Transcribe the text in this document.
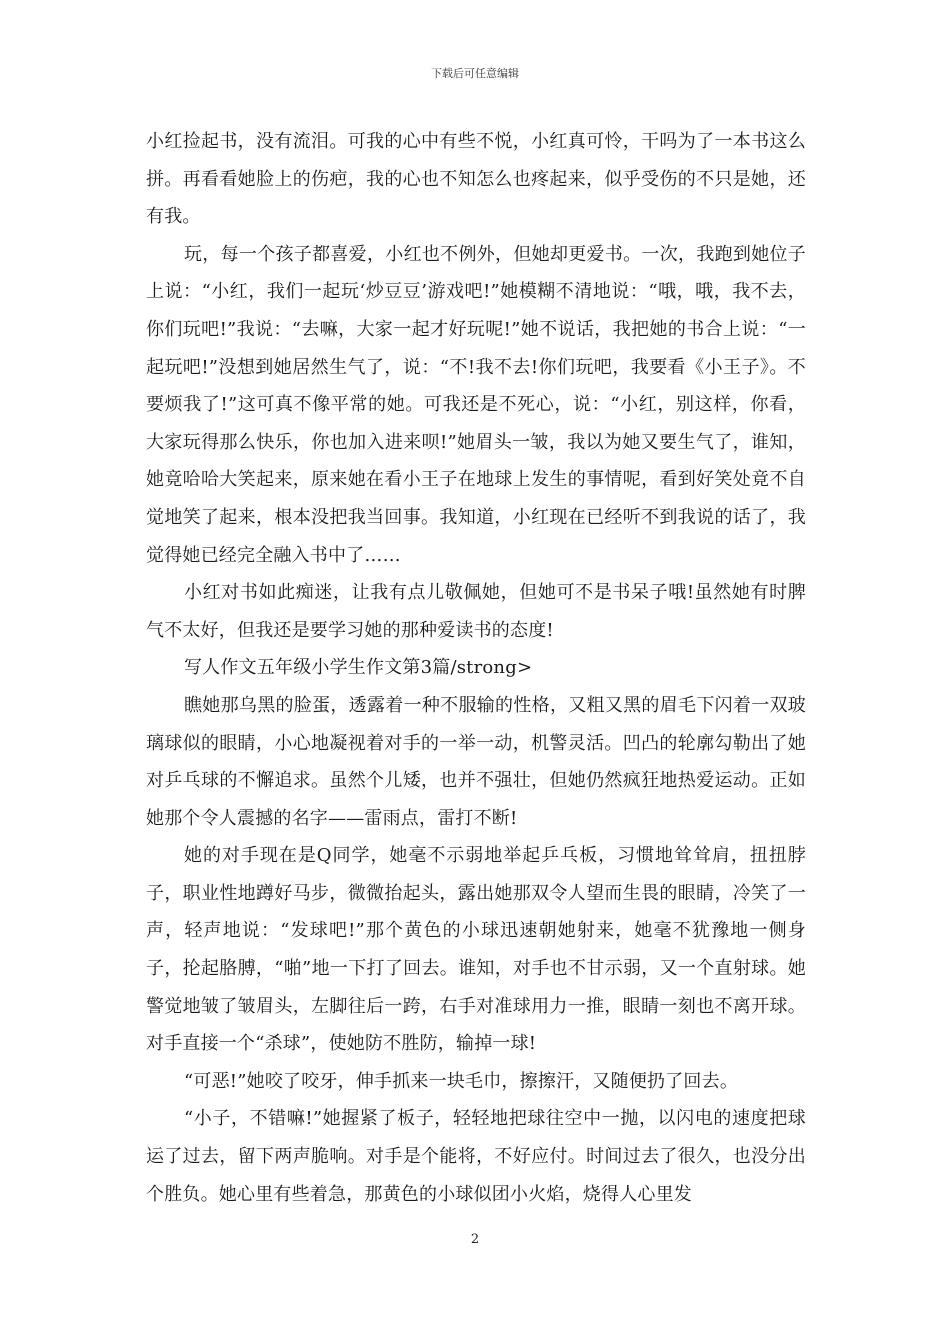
下载后可任意编辑

小红捡起书，没有流泪。可我的心中有些不悦，小红真可怜，干吗为了一本书这么拼。再看看她脸上的伤疤，我的心也不知怎么也疼起来，似乎受伤的不只是她，还有我。

玩，每一个孩子都喜爱，小红也不例外，但她却更爱书。一次，我跑到她位子上说：“小红，我们一起玩‘炒豆豆’游戏吧!”她模糊不清地说：“哦，哦，我不去，你们玩吧!”我说：“去嘛，大家一起才好玩呢!”她不说话，我把她的书合上说：“一起玩吧!”没想到她居然生气了，说：“不!我不去!你们玩吧，我要看《小王子》。不要烦我了!”这可真不像平常的她。可我还是不死心，说：“小红，别这样，你看，大家玩得那么快乐，你也加入进来呗!”她眉头一皱，我以为她又要生气了，谁知，她竟哈哈大笑起来，原来她在看小王子在地球上发生的事情呢，看到好笑处竟不自觉地笑了起来，根本没把我当回事。我知道，小红现在已经听不到我说的话了，我觉得她已经完全融入书中了……

小红对书如此痴迷，让我有点儿敬佩她，但她可不是书呆子哦!虽然她有时脾气不太好，但我还是要学习她的那种爱读书的态度!

写人作文五年级小学生作文第3篇/strong>

瞧她那乌黑的脸蛋，透露着一种不服输的性格，又粗又黑的眉毛下闪着一双玻璃球似的眼睛，小心地凝视着对手的一举一动，机警灵活。凹凸的轮廓勾勒出了她对乒乓球的不懈追求。虽然个儿矮，也并不强壮，但她仍然疯狂地热爱运动。正如她那个令人震撼的名字——雷雨点，雷打不断!

她的对手现在是Q同学，她毫不示弱地举起乒乓板，习惯地耸耸肩，扭扭脖子，职业性地蹲好马步，微微抬起头，露出她那双令人望而生畏的眼睛，冷笑了一声，轻声地说：“发球吧!”那个黄色的小球迅速朝她射来，她毫不犹豫地一侧身子，抡起胳膊，“啪”地一下打了回去。谁知，对手也不甘示弱，又一个直射球。她警觉地皱了皱眉头，左脚往后一跨，右手对准球用力一推，眼睛一刻也不离开球。对手直接一个“杀球”，使她防不胜防，输掉一球!

“可恶!”她咬了咬牙，伸手抓来一块毛巾，擦擦汗，又随便扔了回去。

“小子，不错嘛!”她握紧了板子，轻轻地把球往空中一抛，以闪电的速度把球运了过去，留下两声脆响。对手是个能将，不好应付。时间过去了很久，也没分出个胜负。她心里有些着急，那黄色的小球似团小火焰，烧得人心里发

2
